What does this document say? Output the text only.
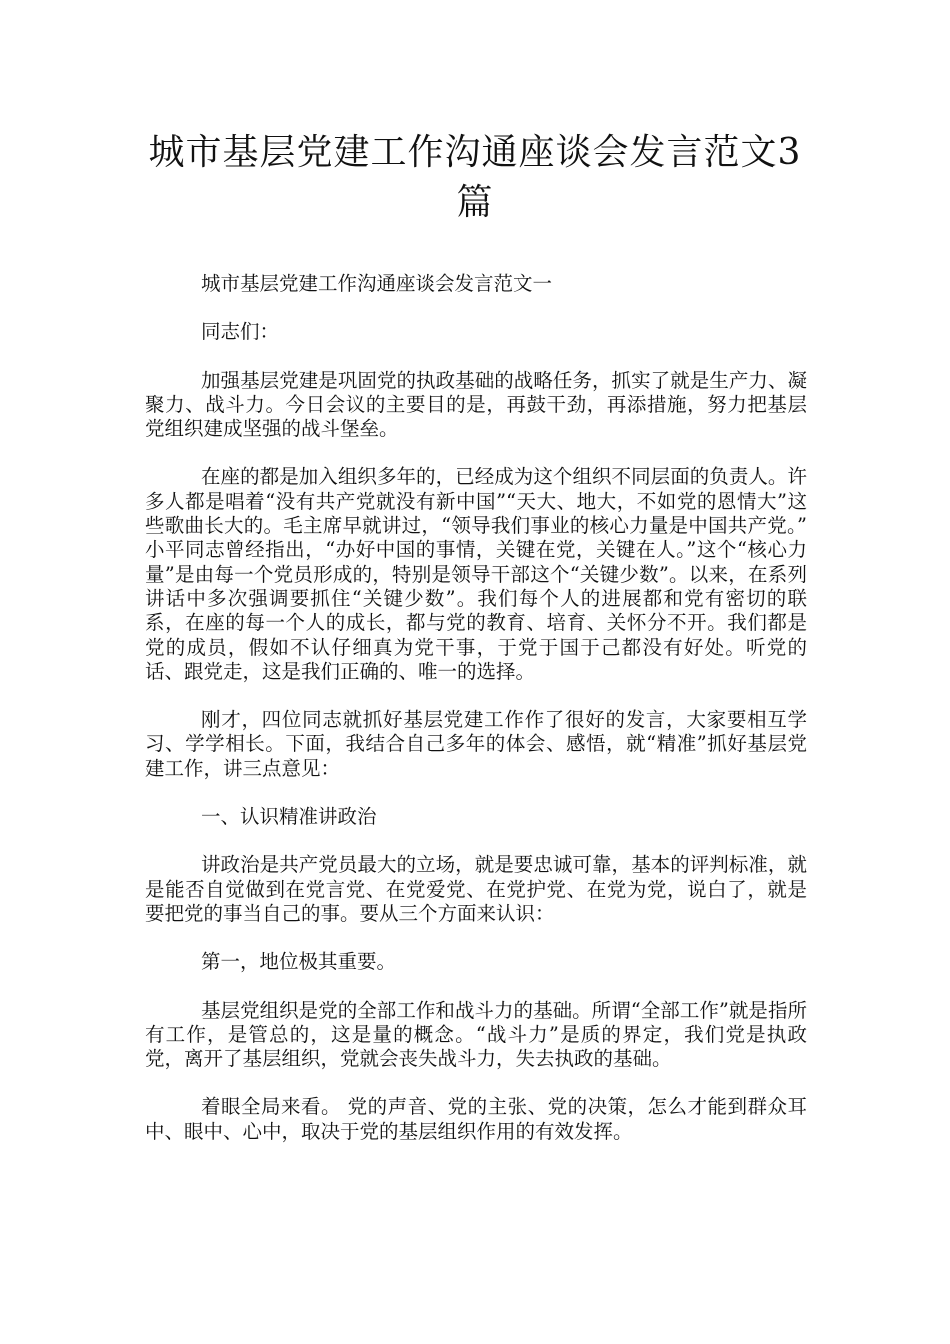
城市基层党建工作沟通座谈会发言范文3篇

城市基层党建工作沟通座谈会发言范文一

同志们：

加强基层党建是巩固党的执政基础的战略任务，抓实了就是生产力、凝聚力、战斗力。今日会议的主要目的是，再鼓干劲，再添措施，努力把基层党组织建成坚强的战斗堡垒。

在座的都是加入组织多年的，已经成为这个组织不同层面的负责人。许多人都是唱着“没有共产党就没有新中国”“天大、地大，不如党的恩情大”这些歌曲长大的。毛主席早就讲过，“领导我们事业的核心力量是中国共产党。” 小平同志曾经指出，“办好中国的事情，关键在党，关键在人。”这个“核心力量”是由每一个党员形成的，特别是领导干部这个“关键少数”。以来，在系列讲话中多次强调要抓住“关键少数”。我们每个人的进展都和党有密切的联系，在座的每一个人的成长，都与党的教育、培育、关怀分不开。我们都是党的成员，假如不认仔细真为党干事，于党于国于己都没有好处。听党的话、跟党走，这是我们正确的、唯一的选择。

刚才，四位同志就抓好基层党建工作作了很好的发言，大家要相互学习、学学相长。下面，我结合自己多年的体会、感悟，就“精准”抓好基层党建工作，讲三点意见：

一、认识精准讲政治

讲政治是共产党员最大的立场，就是要忠诚可靠，基本的评判标准，就是能否自觉做到在党言党、在党爱党、在党护党、在党为党，说白了，就是要把党的事当自己的事。要从三个方面来认识：

第一，地位极其重要。

基层党组织是党的全部工作和战斗力的基础。所谓“全部工作”就是指所有工作，是管总的，这是量的概念。“战斗力”是质的界定，我们党是执政党，离开了基层组织，党就会丧失战斗力，失去执政的基础。

着眼全局来看。 党的声音、党的主张、党的决策，怎么才能到群众耳中、眼中、心中，取决于党的基层组织作用的有效发挥。
